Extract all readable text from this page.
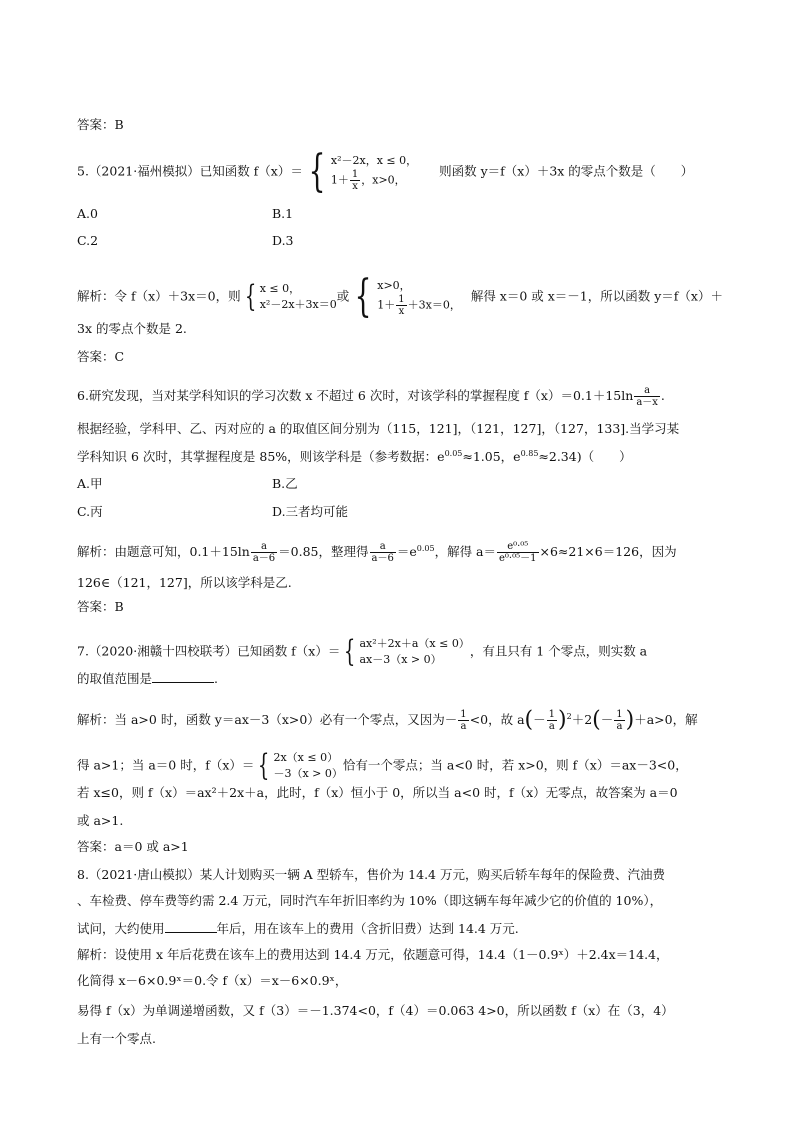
答案：B
5.（2021·福州模拟）已知函数 f（x）＝ { x²－2x，x ≤ 0，
$1+ \frac{1}{x}$ ，x>0，
则函数 y＝f（x）＋3x 的零点个数是（　　）
A.0	B.1
C.2	D.3
解析：令 f（x）＋3x＝0，则 { x ≤ 0，
x²－2x＋3x＝0
或 { x>0，
$1+ \frac{1}{x} +3x=0$，
解得 x＝0 或 x＝－1，所以函数 y＝f（x）＋
3x 的零点个数是 2.
答案：C
6.研究发现，当对某学科知识的学习次数 x 不超过 6 次时，对该学科的掌握程度 $f(x)=0.1+15\ln \frac{a}{a-x}$ .
根据经验，学科甲、乙、丙对应的 a 的取值区间分别为（115，121]，（121，127]，（127，133].当学习某
学科知识 6 次时，其掌握程度是 85%，则该学科是（参考数据：$e^{0.05}\approx 1.05$，$e^{0.85}\approx 2.34$)（　　）
A.甲	B.乙
C.丙	D.三者均可能
解析：由题意可知，$0.1+15\ln \frac{a}{a-6} =0.85$，整理得 $\frac{a}{a-6} =e^{0.05}$，解得 $a= \frac{\text{e⁰·⁰⁵}}{\text{e⁰·⁰⁵－1}} \times 6\approx 21\times 6=126$，因为
126∈（121，127]，所以该学科是乙.
答案：B
7.（2020·湘赣十四校联考）已知函数 f（x）＝ { ax²＋2x＋a（x ≤ 0）
ax－3（x > 0）
，有且只有 1 个零点，则实数 a
的取值范围是	.
解析：当 a>0 时，函数 y＝ax－3（x>0）必有一个零点，又因为－ $\frac{1}{a} <0$，故 $a(- \frac{1}{a} )^2+2(- \frac{1}{a} )+a>0$，解
得 a>1；当 a＝0 时，f（x）＝ { 2x（x ≤ 0）
－3（x > 0）
恰有一个零点；当 a<0 时，若 x>0，则 f（x）＝ax－3<0，
若 x≤0，则 f（x）＝ax²＋2x＋a，此时，f（x）恒小于 0，所以当 a<0 时，f（x）无零点，故答案为 a＝0
或 a>1.
答案：a＝0 或 a>1
8.（2021·唐山模拟）某人计划购买一辆 A 型轿车，售价为 14.4 万元，购买后轿车每年的保险费、汽油费
、车检费、停车费等约需 2.4 万元，同时汽车年折旧率约为 10%（即这辆车每年减少它的价值的 10%），
试问，大约使用	年后，用在该车上的费用（含折旧费）达到 14.4 万元.
解析：设使用 x 年后花费在该车上的费用达到 14.4 万元，依题意可得，14.4（1－0.9ˣ）＋2.4x＝14.4，
化简得 x－6×0.9ˣ＝0.令 f（x）＝x－6×0.9ˣ，
易得 f（x）为单调递增函数，又 f（3）＝－1.374<0，f（4）＝0.063 4>0，所以函数 f（x）在（3，4）
上有一个零点.
